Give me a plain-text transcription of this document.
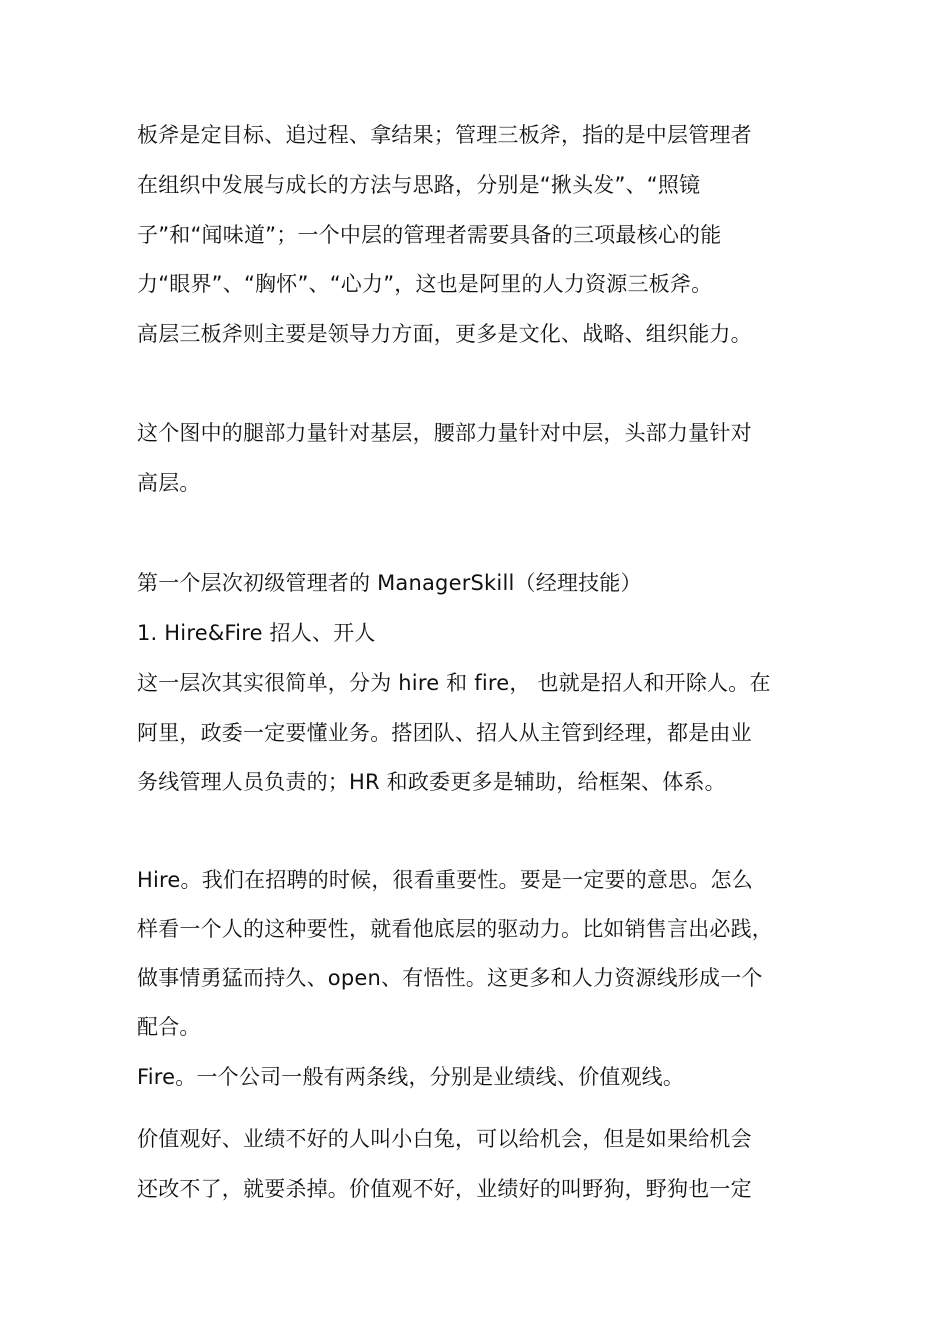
板斧是定目标、追过程、拿结果；管理三板斧，指的是中层管理者
在组织中发展与成长的方法与思路，分别是“揪头发”、“照镜
子”和“闻味道”；一个中层的管理者需要具备的三项最核心的能
力“眼界”、“胸怀”、“心力”，这也是阿里的人力资源三板斧。
高层三板斧则主要是领导力方面，更多是文化、战略、组织能力。
这个图中的腿部力量针对基层，腰部力量针对中层，头部力量针对
高层。
第一个层次初级管理者的 ManagerSkill（经理技能）
1. Hire&Fire 招人、开人
这一层次其实很简单，分为 hire 和 fire， 也就是招人和开除人。在
阿里，政委一定要懂业务。搭团队、招人从主管到经理，都是由业
务线管理人员负责的；HR 和政委更多是辅助，给框架、体系。
Hire。我们在招聘的时候，很看重要性。要是一定要的意思。怎么
样看一个人的这种要性，就看他底层的驱动力。比如销售言出必践，
做事情勇猛而持久、open、有悟性。这更多和人力资源线形成一个
配合。
Fire。一个公司一般有两条线，分别是业绩线、价值观线。
价值观好、业绩不好的人叫小白兔，可以给机会，但是如果给机会
还改不了，就要杀掉。价值观不好，业绩好的叫野狗，野狗也一定
